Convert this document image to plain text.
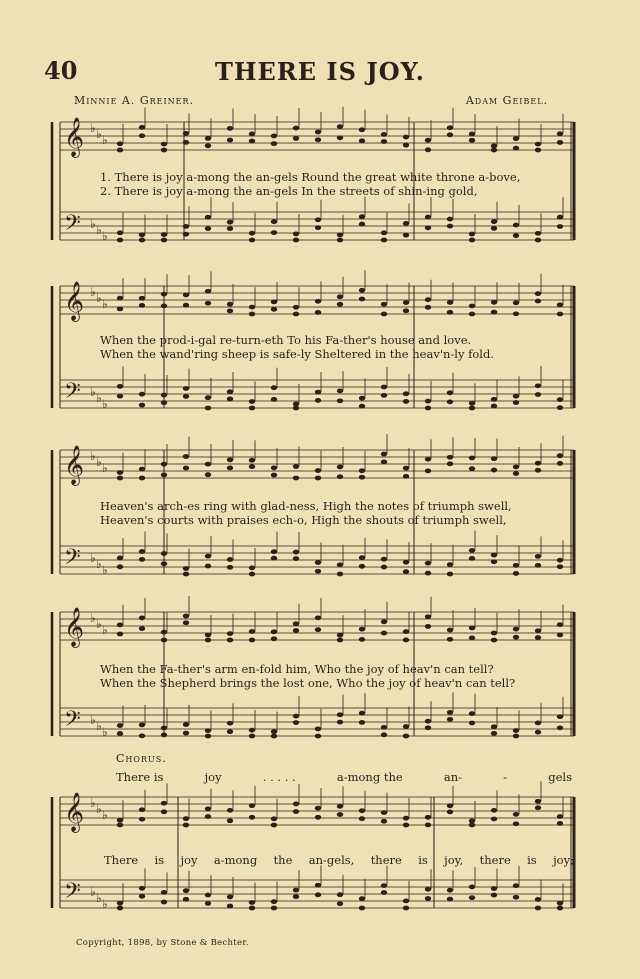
40	THERE IS JOY.
Minnie A. Greiner.	Adam Geibel.
𝄞
𝄢
♭
♭
♭
♭
♭
♭
𝄞
𝄢
♭
♭
♭
♭
♭
♭
𝄞
𝄢
♭
♭
♭
♭
♭
♭
𝄞
𝄢
♭
♭
♭
♭
♭
♭
𝄞
𝄢
♭
♭
♭
♭
♭
♭
1. There is joy a-mong the an-gels Round the great white throne a-bove,
2. There is joy a-mong the an-gels In the streets of shin-ing gold,
When the prod-i-gal re-turn-eth To his Fa-ther's house and love.
When the wand'ring sheep is safe-ly Sheltered in the heav'n-ly fold.
Heaven's arch-es ring with glad-ness, High the notes of triumph swell,
Heaven's courts with praises ech-o, High the shouts of triumph swell,
When the Fa-ther's arm en-fold him, Who the joy of heav'n can tell?
When the Shepherd brings the lost one, Who the joy of heav'n can tell?
Chorus.
There is	joy	. . . . .	a-mong the	an-	-	gels
There is joy a-mong the an-gels, there is joy, there is joy;
Copyright, 1898, by Stone & Bechter.
